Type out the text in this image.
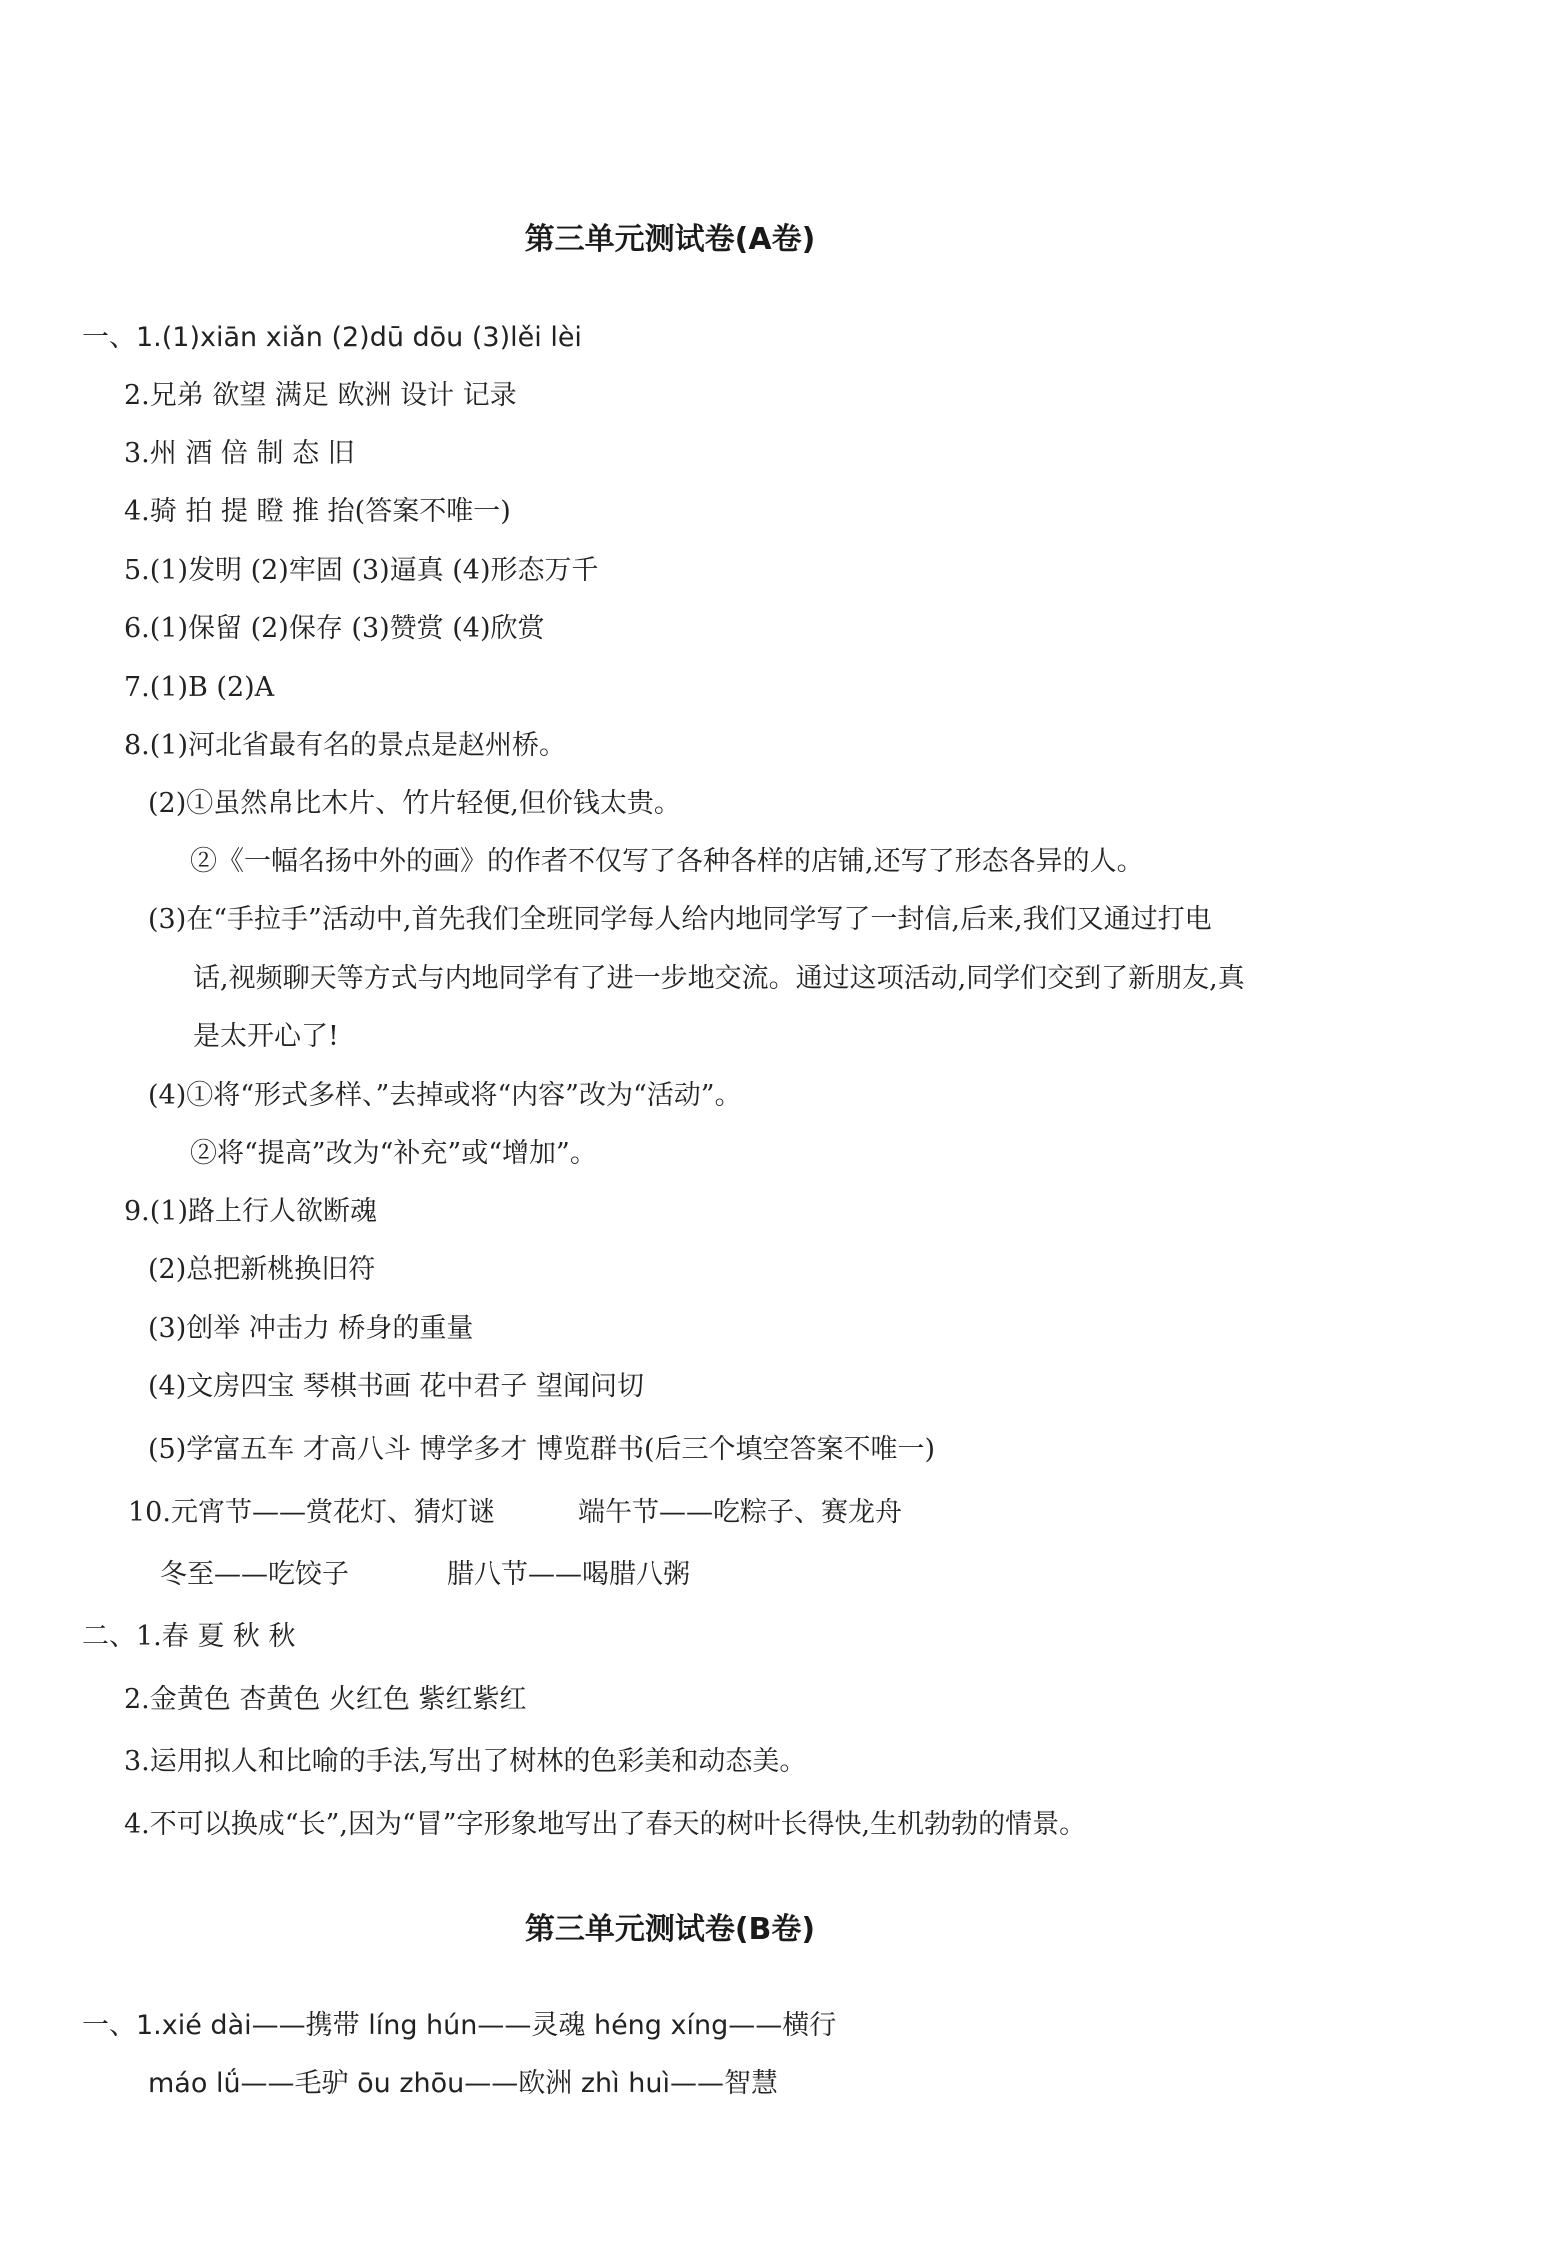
第三单元测试卷(A卷)
一、1.(1)xiān xiǎn (2)dū dōu (3)lěi lèi
2.兄弟 欲望 满足 欧洲 设计 记录
3.州 酒 倍 制 态 旧
4.骑 拍 提 瞪 推 抬(答案不唯一)
5.(1)发明 (2)牢固 (3)逼真 (4)形态万千
6.(1)保留 (2)保存 (3)赞赏 (4)欣赏
7.(1)B (2)A
8.(1)河北省最有名的景点是赵州桥。
(2)①虽然帛比木片、竹片轻便,但价钱太贵。
②《一幅名扬中外的画》的作者不仅写了各种各样的店铺,还写了形态各异的人。
(3)在“手拉手”活动中,首先我们全班同学每人给内地同学写了一封信,后来,我们又通过打电
话,视频聊天等方式与内地同学有了进一步地交流。通过这项活动,同学们交到了新朋友,真
是太开心了!
(4)①将“形式多样、”去掉或将“内容”改为“活动”。
②将“提高”改为“补充”或“增加”。
9.(1)路上行人欲断魂
(2)总把新桃换旧符
(3)创举 冲击力 桥身的重量
(4)文房四宝 琴棋书画 花中君子 望闻问切
(5)学富五车 才高八斗 博学多才 博览群书(后三个填空答案不唯一)
10.元宵节——赏花灯、猜灯谜	端午节——吃粽子、赛龙舟
冬至——吃饺子	腊八节——喝腊八粥
二、1.春 夏 秋 秋
2.金黄色 杏黄色 火红色 紫红紫红
3.运用拟人和比喻的手法,写出了树林的色彩美和动态美。
4.不可以换成“长”,因为“冒”字形象地写出了春天的树叶长得快,生机勃勃的情景。
第三单元测试卷(B卷)
一、1.xié dài——携带 líng hún——灵魂 héng xíng——横行
máo lǘ——毛驴 ōu zhōu——欧洲 zhì huì——智慧
